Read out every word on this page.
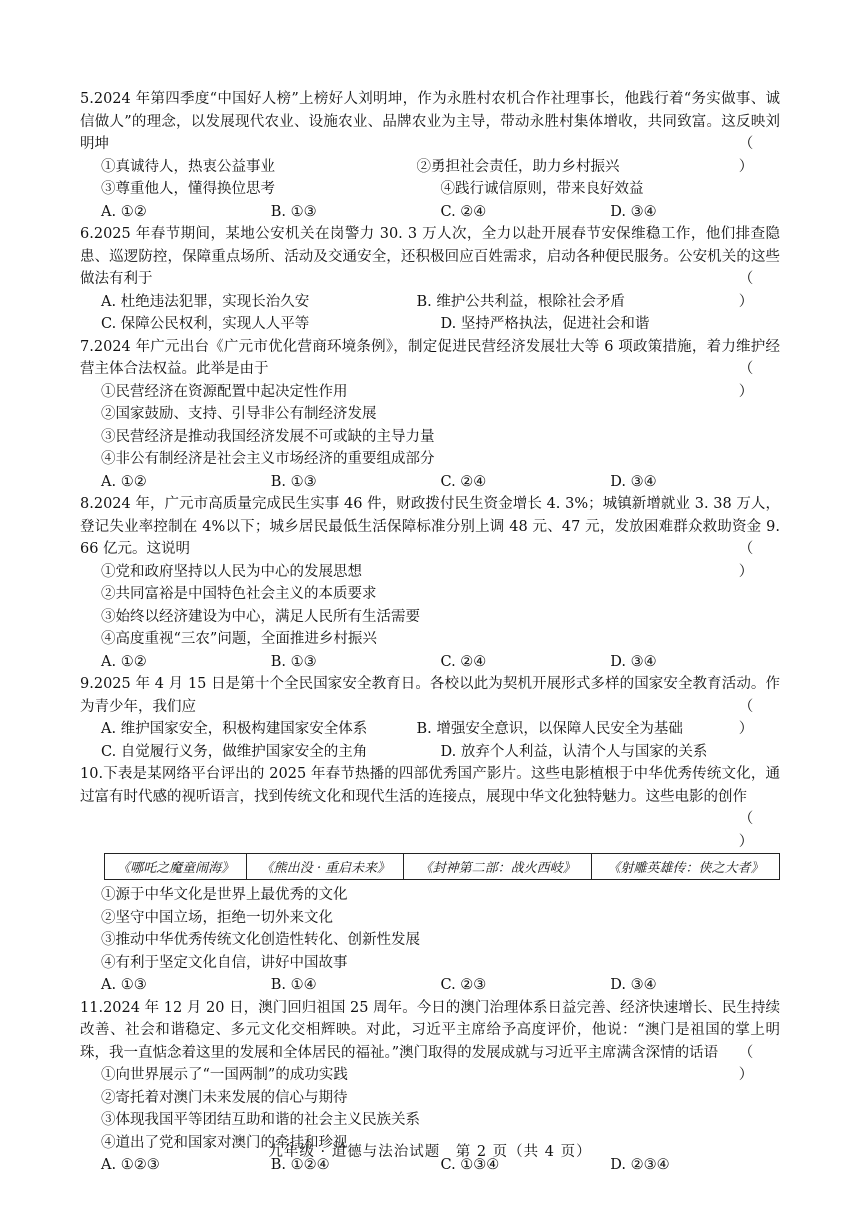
5.2024 年第四季度“中国好人榜”上榜好人刘明坤，作为永胜村农机合作社理事长，他践行着“务实做事、诚信做人”的理念，以发展现代农业、设施农业、品牌农业为主导，带动永胜村集体增收，共同致富。这反映刘明坤	（ ）
①真诚待人，热衷公益事业	②勇担社会责任，助力乡村振兴
③尊重他人，懂得换位思考	④践行诚信原则，带来良好效益
A. ①②	B. ①③	C. ②④	D. ③④
6.2025 年春节期间，某地公安机关在岗警力 30. 3 万人次，全力以赴开展春节安保维稳工作，他们排查隐患、巡逻防控，保障重点场所、活动及交通安全，还积极回应百姓需求，启动各种便民服务。公安机关的这些做法有利于	（ ）
A. 杜绝违法犯罪，实现长治久安	B. 维护公共利益，根除社会矛盾
C. 保障公民权利，实现人人平等	D. 坚持严格执法，促进社会和谐
7.2024 年广元出台《广元市优化营商环境条例》，制定促进民营经济发展壮大等 6 项政策措施，着力维护经营主体合法权益。此举是由于	（ ）
①民营经济在资源配置中起决定性作用
②国家鼓励、支持、引导非公有制经济发展
③民营经济是推动我国经济发展不可或缺的主导力量
④非公有制经济是社会主义市场经济的重要组成部分
A. ①②	B. ①③	C. ②④	D. ③④
8.2024 年，广元市高质量完成民生实事 46 件，财政拨付民生资金增长 4. 3%；城镇新增就业 3. 38 万人，登记失业率控制在 4%以下；城乡居民最低生活保障标准分别上调 48 元、47 元，发放困难群众救助资金 9. 66 亿元。这说明	（ ）
①党和政府坚持以人民为中心的发展思想
②共同富裕是中国特色社会主义的本质要求
③始终以经济建设为中心，满足人民所有生活需要
④高度重视“三农”问题，全面推进乡村振兴
A. ①②	B. ①③	C. ②④	D. ③④
9.2025 年 4 月 15 日是第十个全民国家安全教育日。各校以此为契机开展形式多样的国家安全教育活动。作为青少年，我们应	（ ）
A. 维护国家安全，积极构建国家安全体系	B. 增强安全意识，以保障人民安全为基础
C. 自觉履行义务，做维护国家安全的主角	D. 放弃个人利益，认清个人与国家的关系
10.下表是某网络平台评出的 2025 年春节热播的四部优秀国产影片。这些电影植根于中华优秀传统文化，通过富有时代感的视听语言，找到传统文化和现代生活的连接点，展现中华文化独特魅力。这些电影的创作
（ ）
《哪吒之魔童闹海》	《熊出没 · 重启未来》	《封神第二部：战火西岐》	《射雕英雄传：侠之大者》
①源于中华文化是世界上最优秀的文化
②坚守中国立场，拒绝一切外来文化
③推动中华优秀传统文化创造性转化、创新性发展
④有利于坚定文化自信，讲好中国故事
A. ①③	B. ①④	C. ②③	D. ③④
11.2024 年 12 月 20 日，澳门回归祖国 25 周年。今日的澳门治理体系日益完善、经济快速增长、民生持续改善、社会和谐稳定、多元文化交相辉映。对此，习近平主席给予高度评价，他说：“澳门是祖国的掌上明珠，我一直惦念着这里的发展和全体居民的福祉。”澳门取得的发展成就与习近平主席满含深情的话语	（ ）
①向世界展示了“一国两制”的成功实践
②寄托着对澳门未来发展的信心与期待
③体现我国平等团结互助和谐的社会主义民族关系
④道出了党和国家对澳门的牵挂和珍视
A. ①②③	B. ①②④	C. ①③④	D. ②③④
九年级 · 道德与法治试题　第 2 页（共 4 页）
